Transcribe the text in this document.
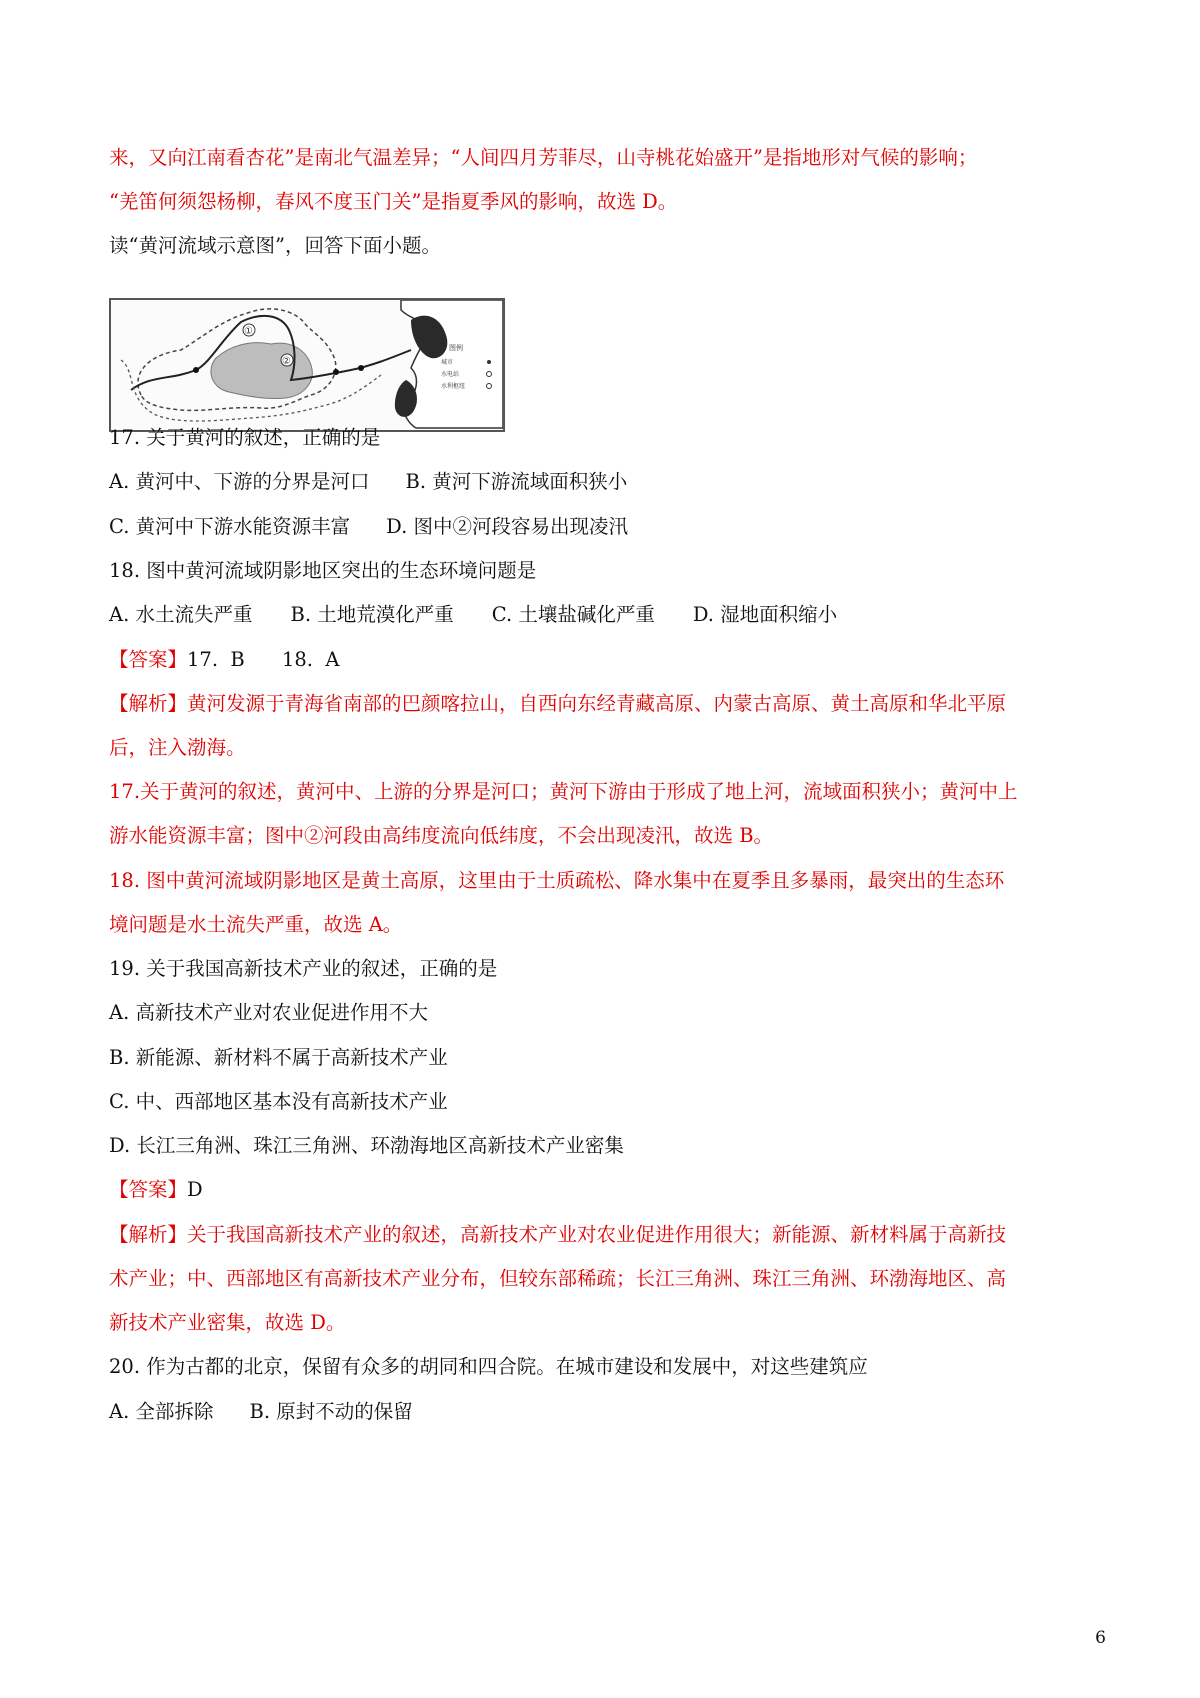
来，又向江南看杏花”是南北气温差异；“人间四月芳菲尽，山寺桃花始盛开”是指地形对气候的影响；
“羌笛何须怨杨柳，春风不度玉门关”是指夏季风的影响，故选 D。
读“黄河流域示意图”，回答下面小题。
①
②
图例
城市
水电站
水利枢纽
17. 关于黄河的叙述，正确的是
A. 黄河中、下游的分界是河口 B. 黄河下游流域面积狭小
C. 黄河中下游水能资源丰富 D. 图中②河段容易出现凌汛
18. 图中黄河流域阴影地区突出的生态环境问题是
A. 水土流失严重 B. 土地荒漠化严重 C. 土壤盐碱化严重 D. 湿地面积缩小
【答案】17.  B      18.  A
【解析】黄河发源于青海省南部的巴颜喀拉山，自西向东经青藏高原、内蒙古高原、黄土高原和华北平原
后，注入渤海。
17.关于黄河的叙述，黄河中、上游的分界是河口；黄河下游由于形成了地上河，流域面积狭小；黄河中上
游水能资源丰富；图中②河段由高纬度流向低纬度，不会出现凌汛，故选 B。
18. 图中黄河流域阴影地区是黄土高原，这里由于土质疏松、降水集中在夏季且多暴雨，最突出的生态环
境问题是水土流失严重，故选 A。
19. 关于我国高新技术产业的叙述，正确的是
A. 高新技术产业对农业促进作用不大
B. 新能源、新材料不属于高新技术产业
C. 中、西部地区基本没有高新技术产业
D. 长江三角洲、珠江三角洲、环渤海地区高新技术产业密集
【答案】D
【解析】关于我国高新技术产业的叙述，高新技术产业对农业促进作用很大；新能源、新材料属于高新技
术产业；中、西部地区有高新技术产业分布，但较东部稀疏；长江三角洲、珠江三角洲、环渤海地区、高
新技术产业密集，故选 D。
20. 作为古都的北京，保留有众多的胡同和四合院。在城市建设和发展中，对这些建筑应
A. 全部拆除 B. 原封不动的保留
6
